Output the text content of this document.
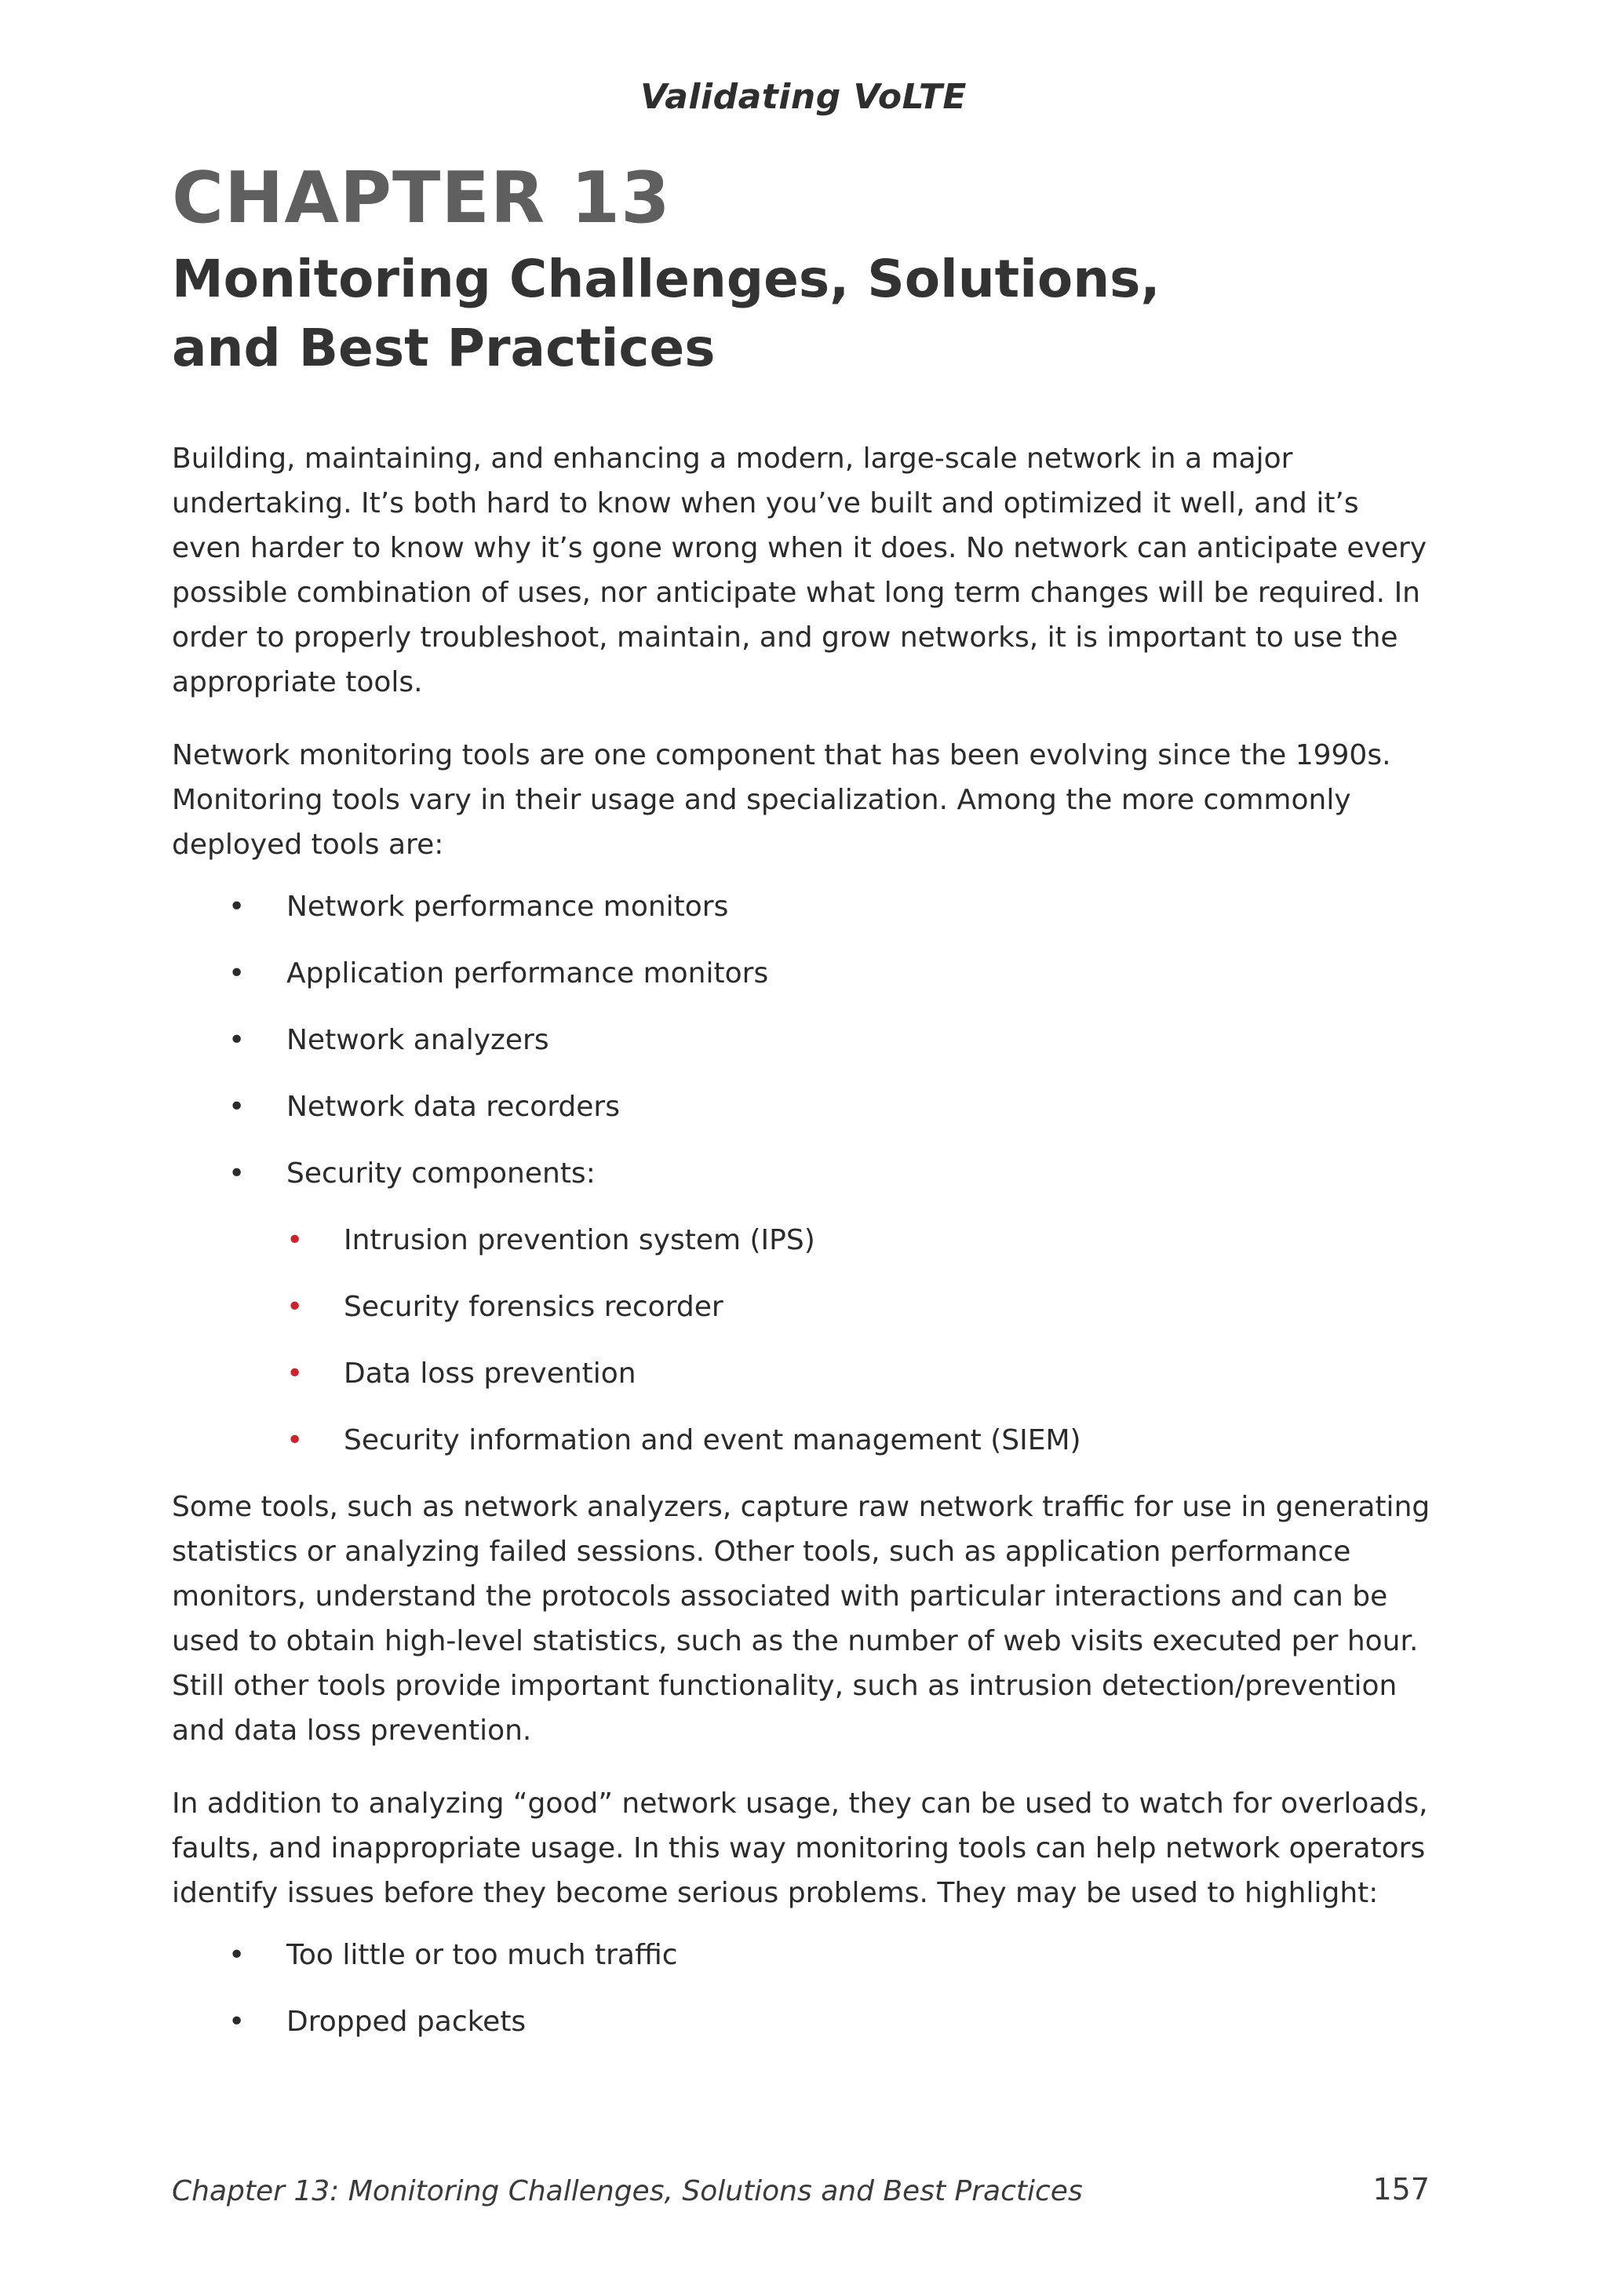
Validating VoLTE
CHAPTER 13
Monitoring Challenges, Solutions, and Best Practices

Building, maintaining, and enhancing a modern, large-scale network in a major undertaking. It’s both hard to know when you’ve built and optimized it well, and it’s even harder to know why it’s gone wrong when it does. No network can anticipate every possible combination of uses, nor anticipate what long term changes will be required. In order to properly troubleshoot, maintain, and grow networks, it is important to use the appropriate tools.

Network monitoring tools are one component that has been evolving since the 1990s. Monitoring tools vary in their usage and specialization. Among the more commonly deployed tools are:

• Network performance monitors
• Application performance monitors
• Network analyzers
• Network data recorders
• Security components:
• Intrusion prevention system (IPS)
• Security forensics recorder
• Data loss prevention
• Security information and event management (SIEM)

Some tools, such as network analyzers, capture raw network traffic for use in generating statistics or analyzing failed sessions. Other tools, such as application performance monitors, understand the protocols associated with particular interactions and can be used to obtain high-level statistics, such as the number of web visits executed per hour. Still other tools provide important functionality, such as intrusion detection/prevention and data loss prevention.

In addition to analyzing “good” network usage, they can be used to watch for overloads, faults, and inappropriate usage. In this way monitoring tools can help network operators identify issues before they become serious problems. They may be used to highlight:

• Too little or too much traffic
• Dropped packets
Chapter 13: Monitoring Challenges, Solutions and Best Practices	157
